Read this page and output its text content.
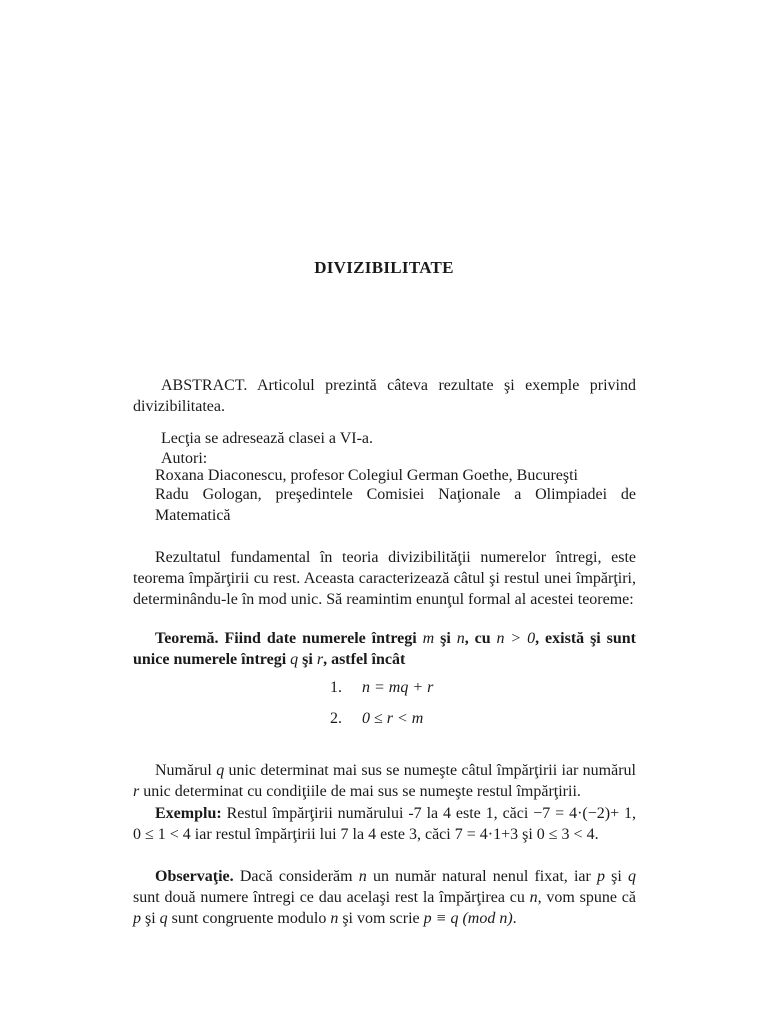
DIVIZIBILITATE
ABSTRACT. Articolul prezintă câteva rezultate şi exemple privind divizibilitatea.
Lecţia se adresează clasei a VI-a.
Autori:
Roxana Diaconescu, profesor Colegiul German Goethe, Bucureşti
Radu Gologan, preşedintele Comisiei Naţionale a Olimpiadei de Matematică
Rezultatul fundamental în teoria divizibilităţii numerelor întregi, este teorema împărţirii cu rest. Aceasta caracterizează câtul şi restul unei împărţiri, determinându-le în mod unic. Să reamintim enunţul formal al acestei teoreme:
Teoremă. Fiind date numerele întregi m şi n, cu n > 0, există şi sunt unice numerele întregi q şi r, astfel încât
1. n = mq + r
2. 0 ≤ r < m
Numărul q unic determinat mai sus se numeşte câtul împărţirii iar numărul r unic determinat cu condiţiile de mai sus se numeşte restul împărţirii.
Exemplu: Restul împărţirii numărului -7 la 4 este 1, căci −7 = 4·(−2)+ 1, 0 ≤ 1 < 4 iar restul împărţirii lui 7 la 4 este 3, căci 7 = 4·1+3 şi 0 ≤ 3 < 4.
Observaţie. Dacă considerăm n un număr natural nenul fixat, iar p şi q sunt două numere întregi ce dau acelaşi rest la împărţirea cu n, vom spune că p şi q sunt congruente modulo n şi vom scrie p ≡ q (mod n).
